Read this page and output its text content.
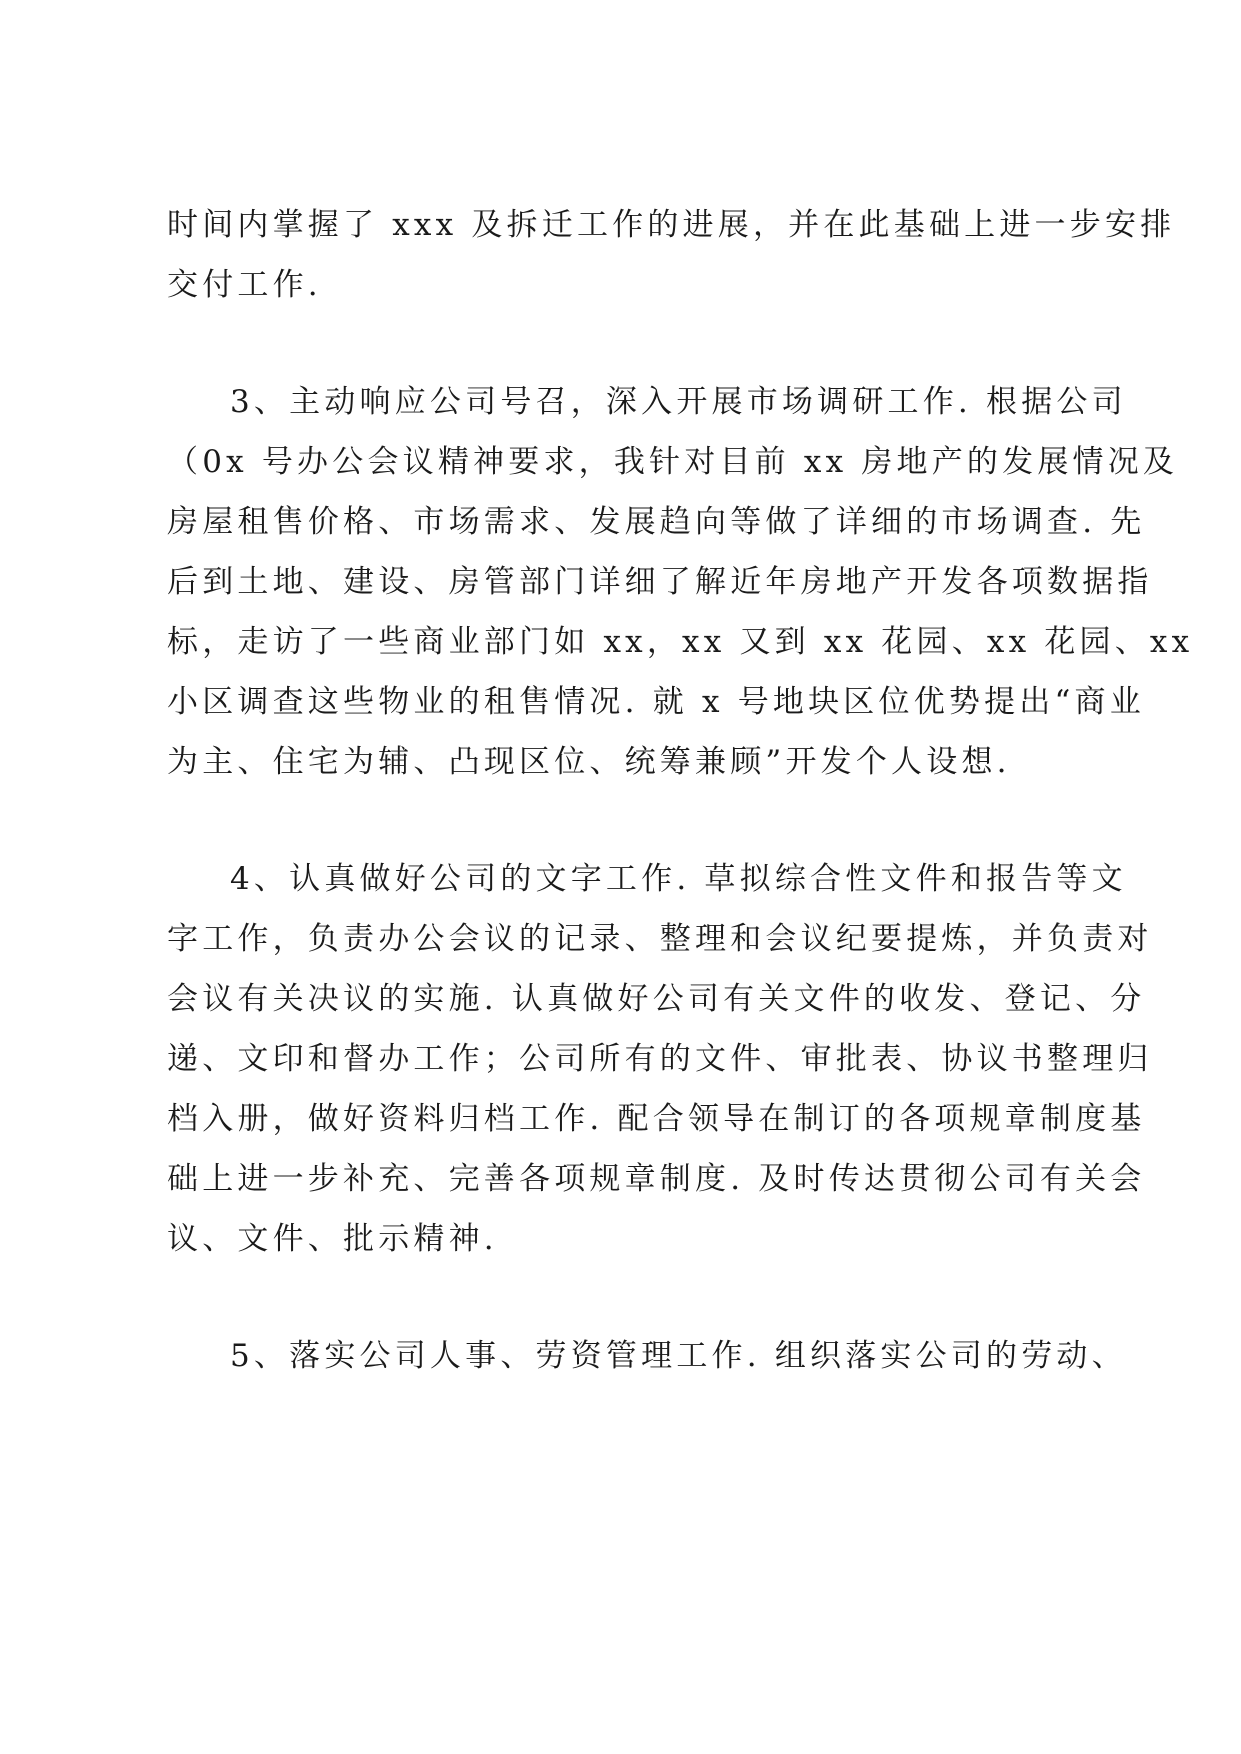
时间内掌握了 xxx 及拆迁工作的进展，并在此基础上进一步安排
交付工作.
3、主动响应公司号召，深入开展市场调研工作. 根据公司
（0x 号办公会议精神要求，我针对目前 xx 房地产的发展情况及
房屋租售价格、市场需求、发展趋向等做了详细的市场调查. 先
后到土地、建设、房管部门详细了解近年房地产开发各项数据指
标，走访了一些商业部门如 xx，xx 又到 xx 花园、xx 花园、xx
小区调查这些物业的租售情况. 就 x 号地块区位优势提出“商业
为主、住宅为辅、凸现区位、统筹兼顾”开发个人设想.
4、认真做好公司的文字工作. 草拟综合性文件和报告等文
字工作，负责办公会议的记录、整理和会议纪要提炼，并负责对
会议有关决议的实施. 认真做好公司有关文件的收发、登记、分
递、文印和督办工作；公司所有的文件、审批表、协议书整理归
档入册，做好资料归档工作. 配合领导在制订的各项规章制度基
础上进一步补充、完善各项规章制度. 及时传达贯彻公司有关会
议、文件、批示精神.
5、落实公司人事、劳资管理工作. 组织落实公司的劳动、
